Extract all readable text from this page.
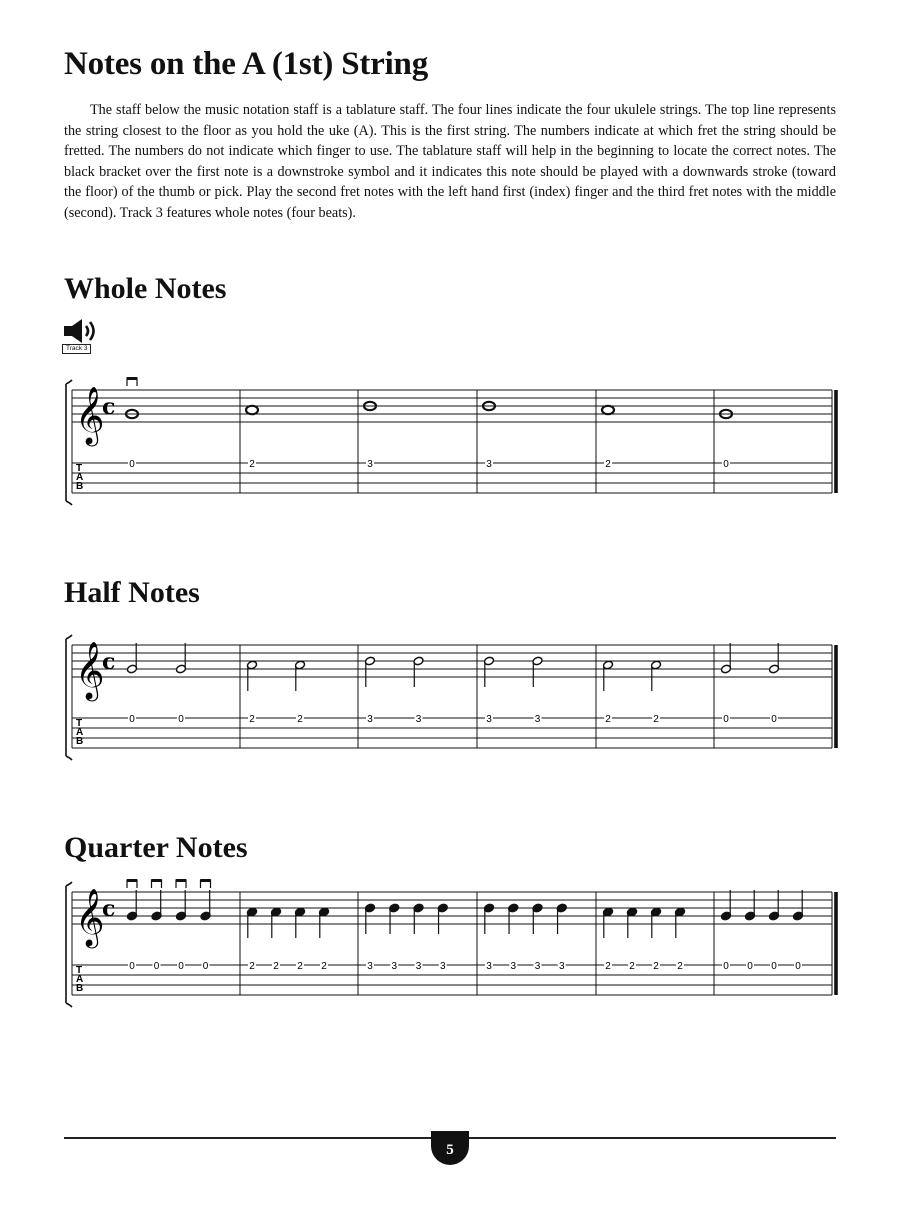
Notes on the A (1st) String

The staff below the music notation staff is a tablature staff. The four lines indicate the four ukulele strings. The top line represents the string closest to the floor as you hold the uke (A). This is the first string. The numbers indicate at which fret the string should be fretted. The numbers do not indicate which finger to use. The tablature staff will help in the beginning to locate the correct notes. The black bracket over the first note is a downstroke symbol and it indicates this note should be played with a downwards stroke (toward the floor) of the thumb or pick. Play the second fret notes with the left hand first (index) finger and the third fret notes with the middle (second). Track 3 features whole notes (four beats).

Whole Notes
Track 3
𝄞
c
T
A
B
0	2	3	3	2	0
Half Notes
𝄞
c
T
A
B
0	0	2	2	3	3	3	3	2	2	0	0
Quarter Notes
𝄞
c
T
A
B
0 0 0 0	2 2 2 2	3 3 3 3	3 3 3 3	2 2 2 2	0 0 0 0
5
